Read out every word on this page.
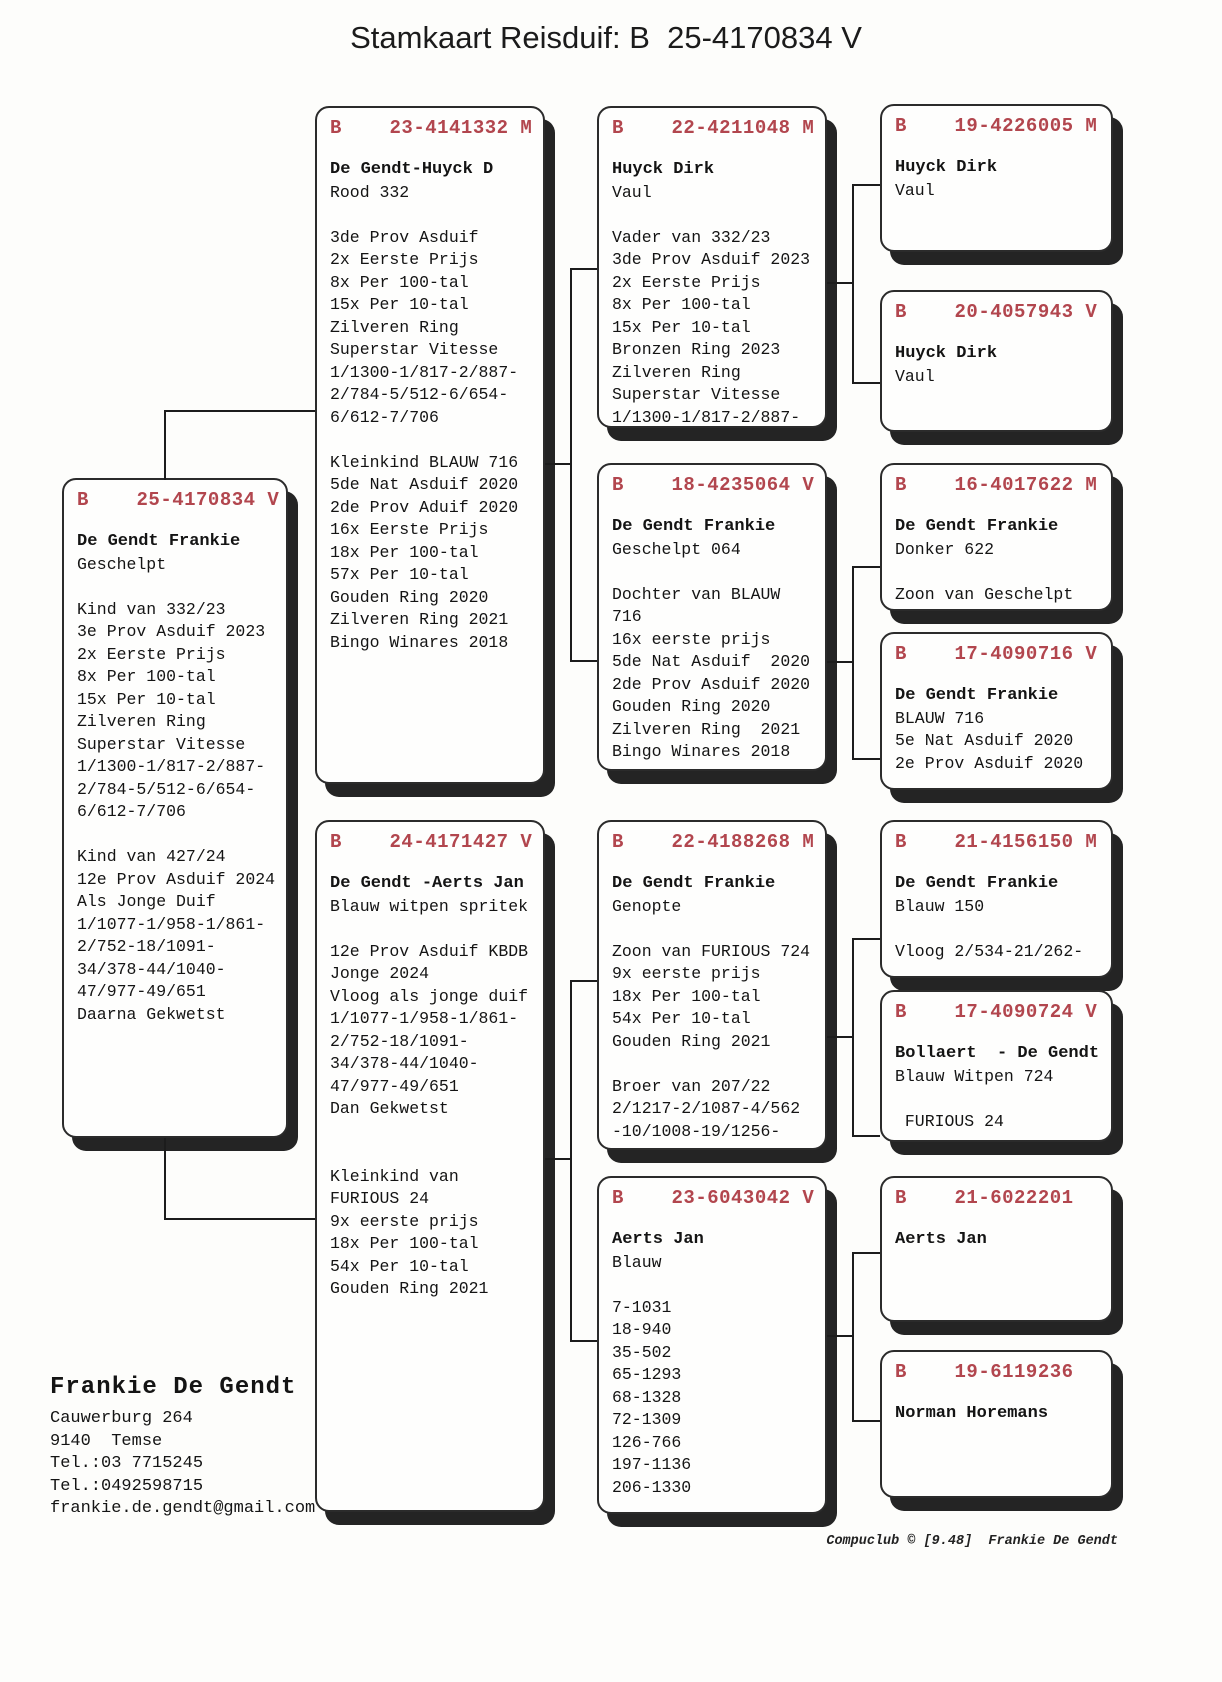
Stamkaart Reisduif: B  25-4170834 V
B    25-4170834 V
De Gendt Frankie
Geschelpt

Kind van 332/23
3e Prov Asduif 2023
2x Eerste Prijs
8x Per 100-tal
15x Per 10-tal
Zilveren Ring
Superstar Vitesse
1/1300-1/817-2/887-
2/784-5/512-6/654-
6/612-7/706

Kind van 427/24
12e Prov Asduif 2024
Als Jonge Duif
1/1077-1/958-1/861-
2/752-18/1091-
34/378-44/1040-
47/977-49/651
Daarna Gekwetst
B    23-4141332 M
De Gendt-Huyck D
Rood 332

3de Prov Asduif
2x Eerste Prijs
8x Per 100-tal
15x Per 10-tal
Zilveren Ring
Superstar Vitesse
1/1300-1/817-2/887-
2/784-5/512-6/654-
6/612-7/706

Kleinkind BLAUW 716
5de Nat Asduif 2020
2de Prov Aduif 2020
16x Eerste Prijs
18x Per 100-tal
57x Per 10-tal
Gouden Ring 2020
Zilveren Ring 2021
Bingo Winares 2018
B    24-4171427 V
De Gendt -Aerts Jan
Blauw witpen spritek

12e Prov Asduif KBDB
Jonge 2024
Vloog als jonge duif
1/1077-1/958-1/861-
2/752-18/1091-
34/378-44/1040-
47/977-49/651
Dan Gekwetst

Kleinkind van
FURIOUS 24
9x eerste prijs
18x Per 100-tal
54x Per 10-tal
Gouden Ring 2021
B    22-4211048 M
Huyck Dirk
Vaul

Vader van 332/23
3de Prov Asduif 2023
2x Eerste Prijs
8x Per 100-tal
15x Per 10-tal
Bronzen Ring 2023
Zilveren Ring
Superstar Vitesse
1/1300-1/817-2/887-
B    18-4235064 V
De Gendt Frankie
Geschelpt 064

Dochter van BLAUW
716
16x eerste prijs
5de Nat Asduif  2020
2de Prov Asduif 2020
Gouden Ring 2020
Zilveren Ring  2021
Bingo Winares 2018
B    22-4188268 M
De Gendt Frankie
Genopte

Zoon van FURIOUS 724
9x eerste prijs
18x Per 100-tal
54x Per 10-tal
Gouden Ring 2021

Broer van 207/22
2/1217-2/1087-4/562
-10/1008-19/1256-
B    23-6043042 V
Aerts Jan
Blauw

7-1031
18-940
35-502
65-1293
68-1328
72-1309
126-766
197-1136
206-1330
B    19-4226005 M
Huyck Dirk
Vaul
B    20-4057943 V
Huyck Dirk
Vaul
B    16-4017622 M
De Gendt Frankie
Donker 622

Zoon van Geschelpt
B    17-4090716 V
De Gendt Frankie
BLAUW 716
5e Nat Asduif 2020
2e Prov Asduif 2020
B    21-4156150 M
De Gendt Frankie
Blauw 150

Vloog 2/534-21/262-
B    17-4090724 V
Bollaert  - De Gendt
Blauw Witpen 724

FURIOUS 24
B    21-6022201
Aerts Jan
B    19-6119236
Norman Horemans
Frankie De Gendt
Cauwerburg 264
9140  Temse
Tel.:03 7715245
Tel.:0492598715
frankie.de.gendt@gmail.com
Compuclub © [9.48]  Frankie De Gendt
